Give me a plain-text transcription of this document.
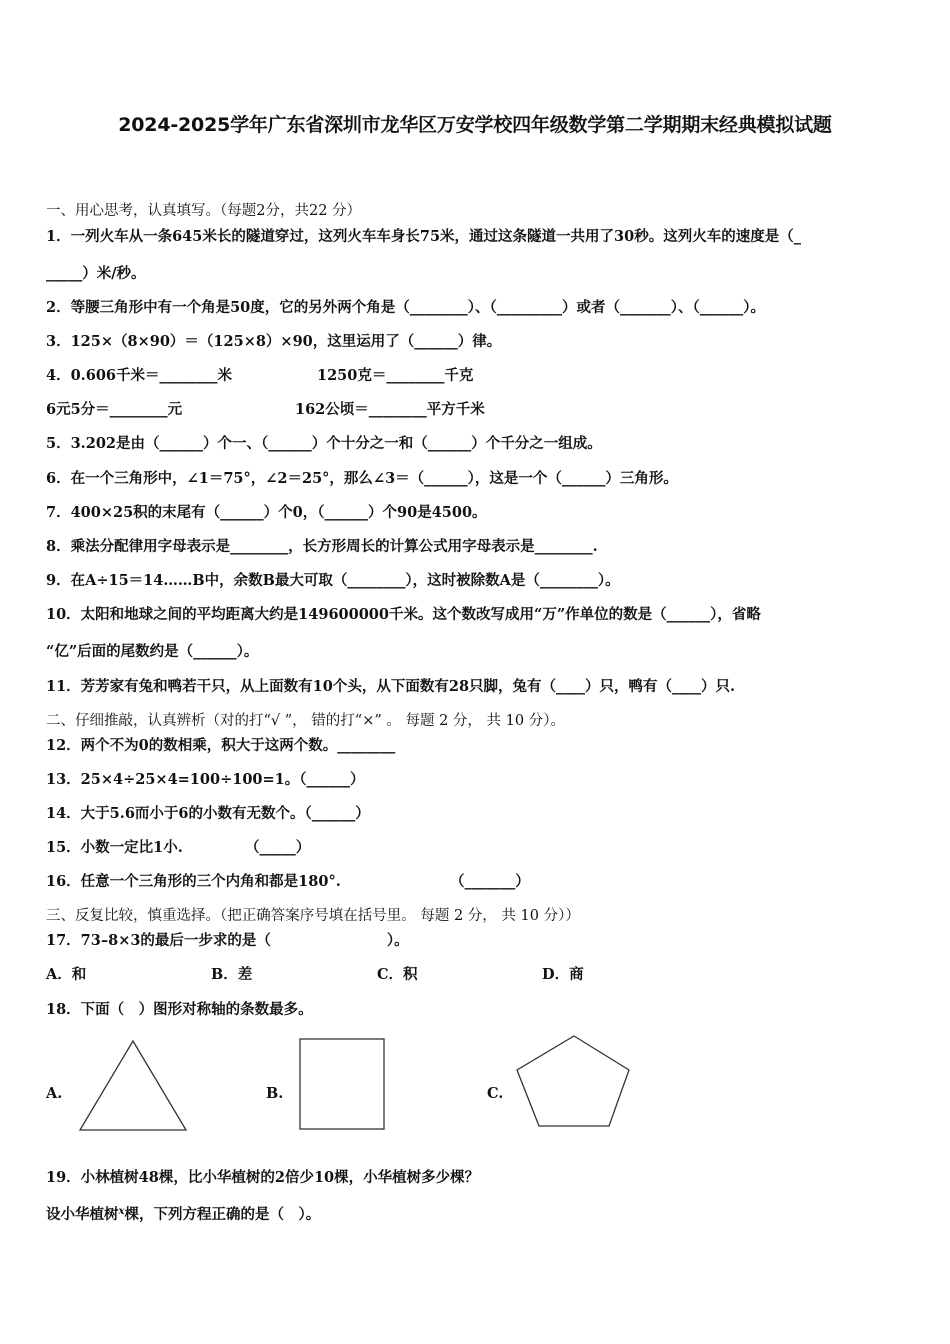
2024-2025学年广东省深圳市龙华区万安学校四年级数学第二学期期末经典模拟试题
一、用心思考，认真填写。（每题2分，共22 分）
1．一列火车从一条645米长的隧道穿过，这列火车车身长75米，通过这条隧道一共用了30秒。这列火车的速度是（_
_____）米/秒。
2．等腰三角形中有一个角是50度，它的另外两个角是（________）、（_________）或者（_______）、（______）。
3．125×（8×90）＝（125×8）×90，这里运用了（______）律。
4．0.606千米＝________米	1250克＝________千克
6元5分＝________元	162公顷＝________平方千米
5．3.202是由（______）个一、（______）个十分之一和（______）个千分之一组成。
6．在一个三角形中，∠1＝75°，∠2＝25°，那么∠3＝（______），这是一个（______）三角形。
7．400×25积的末尾有（______）个0，（______）个90是4500。
8．乘法分配律用字母表示是________，长方形周长的计算公式用字母表示是________.
9．在A÷15＝14……B中，余数B最大可取（________），这时被除数A是（________）。
10．太阳和地球之间的平均距离大约是149600000千米。这个数改写成用“万”作单位的数是（______），省略
“亿”后面的尾数约是（______）。
11．芳芳家有兔和鸭若干只，从上面数有10个头，从下面数有28只脚，兔有（____）只，鸭有（____）只.
二、仔细推敲，认真辨析（对的打“√ ”， 错的打“×” 。 每题 2 分， 共 10 分）。
12．两个不为0的数相乘，积大于这两个数。________
13．25×4÷25×4=100÷100=1。（______）
14．大于5.6而小于6的小数有无数个。（______）
15．小数一定比1小.	（_____）
16．任意一个三角形的三个内角和都是180°.	（_______）
三、反复比较，慎重选择。（把正确答案序号填在括号里。 每题 2 分， 共 10 分））
17．73–8×3的最后一步求的是（　　　　　　　　）。
A．和	B．差	C．积	D．商
18．下面（　）图形对称轴的条数最多。
A.	B.	C.
19．小林植树48棵，比小华植树的2倍少10棵，小华植树多少棵？
设小华植树$^x$棵，下列方程正确的是（　）。
